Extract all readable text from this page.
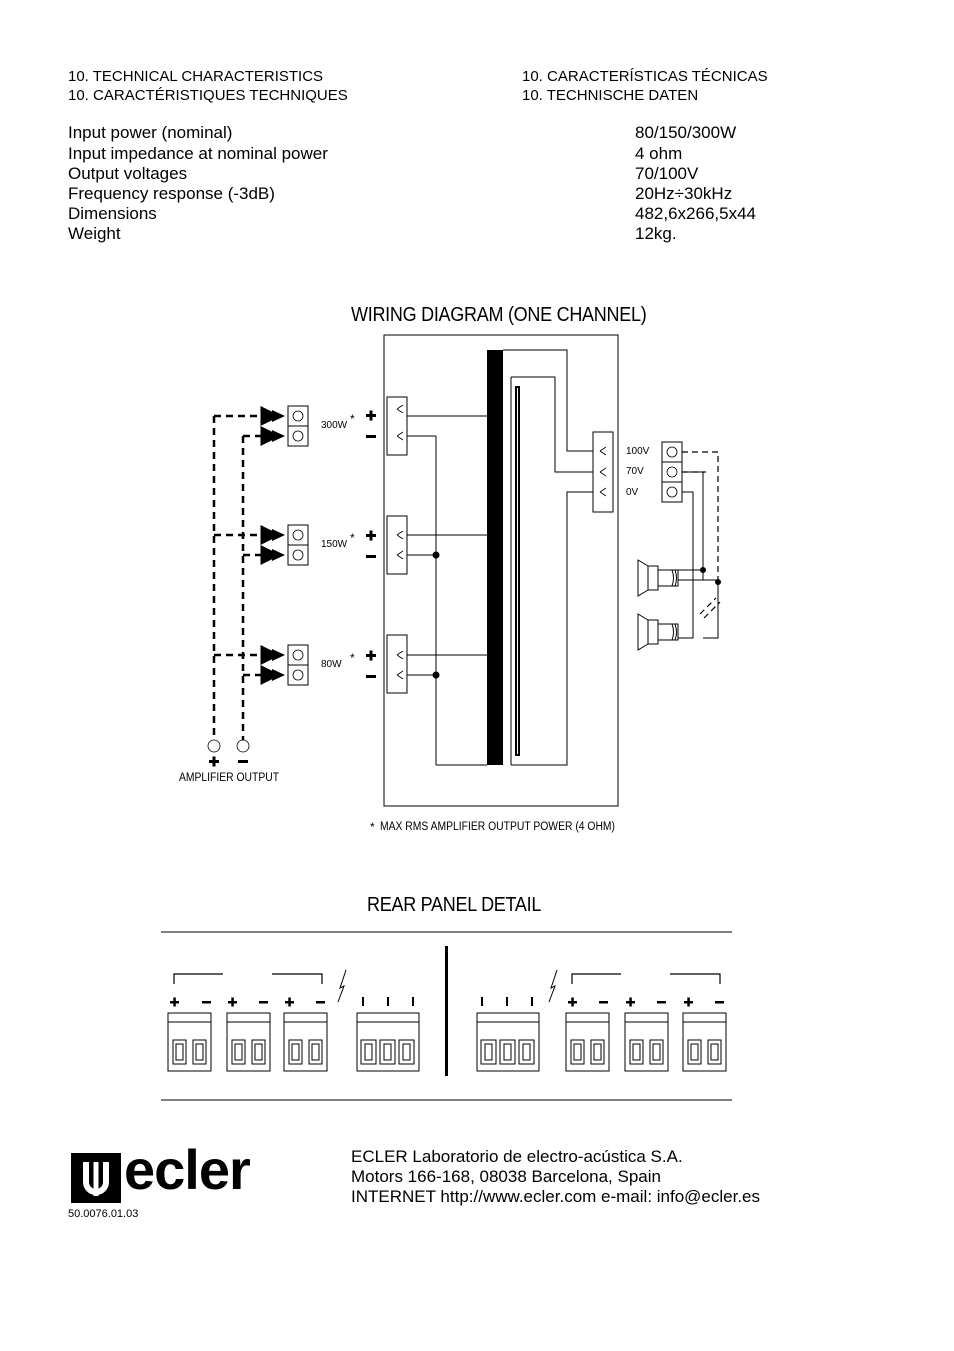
10. TECHNICAL CHARACTERISTICS
10. CARACTÉRISTIQUES TECHNIQUES
10. CARACTERÍSTICAS TÉCNICAS
10. TECHNISCHE DATEN
Input power (nominal)	80/150/300W
Input impedance at nominal power	4 ohm
Output voltages	70/100V
Frequency response (-3dB)	20Hz÷30kHz
Dimensions	482,6x266,5x44
Weight	12kg.
WIRING DIAGRAM (ONE CHANNEL)
300W *
150W *
80W *
100V
70V
0V
AMPLIFIER OUTPUT
* MAX RMS AMPLIFIER OUTPUT POWER (4 OHM)
REAR PANEL DETAIL
ecler
50.0076.01.03
ECLER Laboratorio de electro-acústica S.A.
Motors 166-168, 08038 Barcelona, Spain
INTERNET http://www.ecler.com e-mail: info@ecler.es
